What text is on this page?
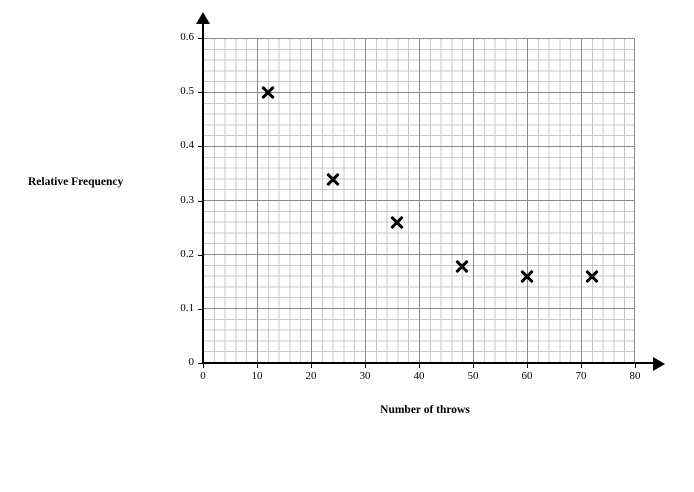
0	10	20	30	40	50	60	70	80
0
0.1
0.2
0.3
0.4
0.5
0.6
Number of throws
Relative Frequency
